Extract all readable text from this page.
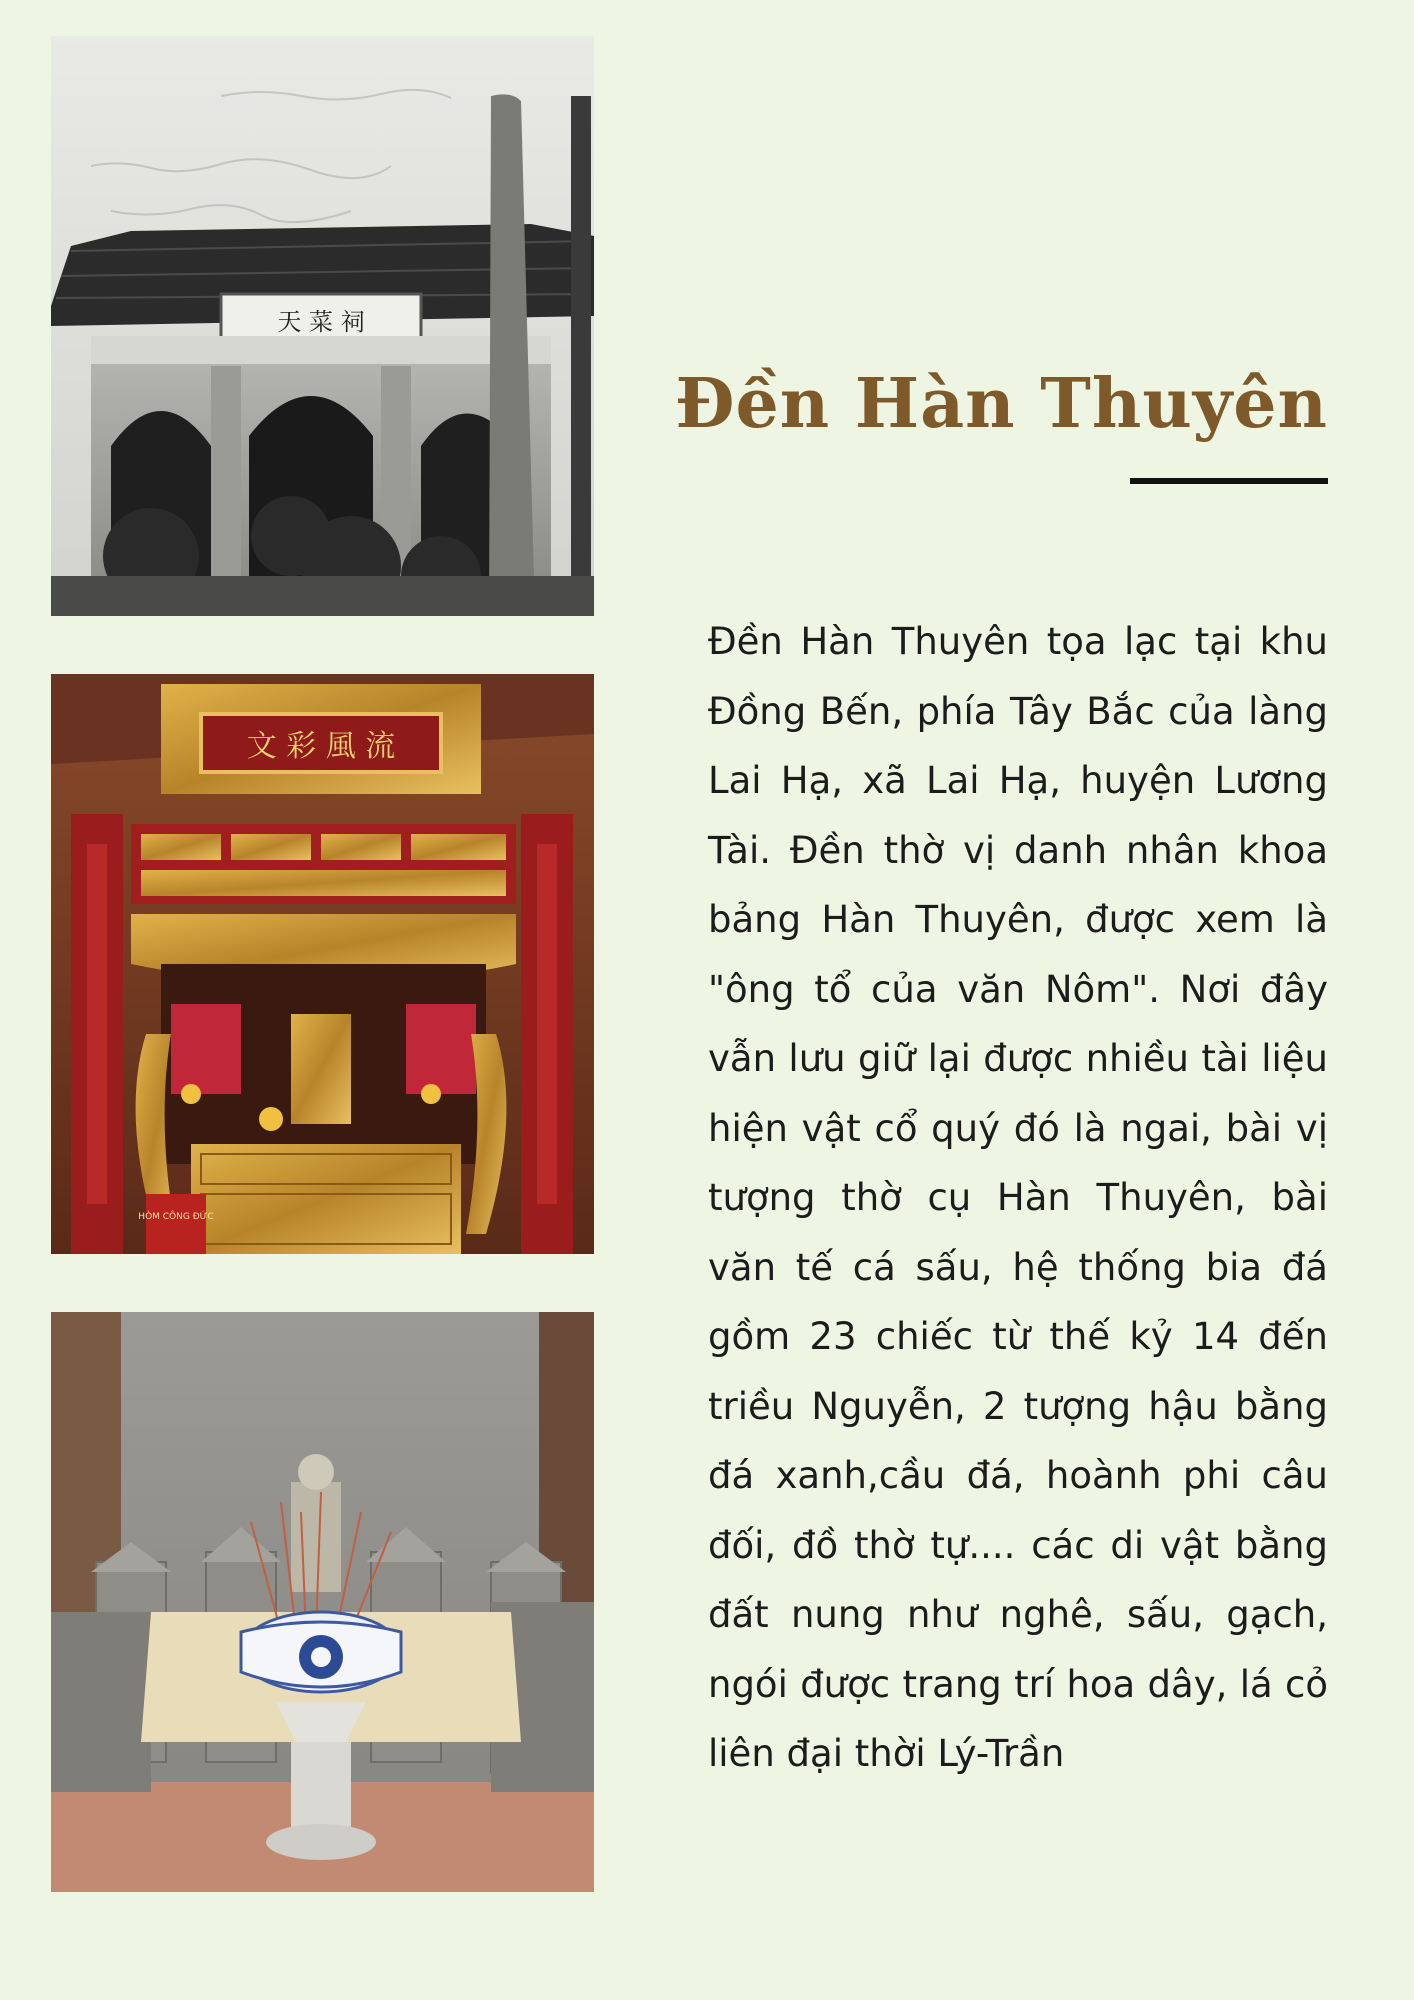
天 菜 祠
文 彩 風 流
HÒM CÔNG ĐỨC
Đền Hàn Thuyên

Đền Hàn Thuyên tọa lạc tại khu Đồng Bến, phía Tây Bắc của làng Lai Hạ, xã Lai Hạ, huyện Lương Tài. Đền thờ vị danh nhân khoa bảng Hàn Thuyên, được xem là "ông tổ của văn Nôm". Nơi đây vẫn lưu giữ lại được nhiều tài liệu hiện vật cổ quý đó là ngai, bài vị tượng thờ cụ Hàn Thuyên, bài văn tế cá sấu, hệ thống bia đá gồm 23 chiếc từ thế kỷ 14 đến triều Nguyễn, 2 tượng hậu bằng đá xanh,cầu đá, hoành phi câu đối, đồ thờ tự.... các di vật bằng đất nung như nghê, sấu, gạch, ngói được trang trí hoa dây, lá cỏ liên đại thời Lý-Trần
